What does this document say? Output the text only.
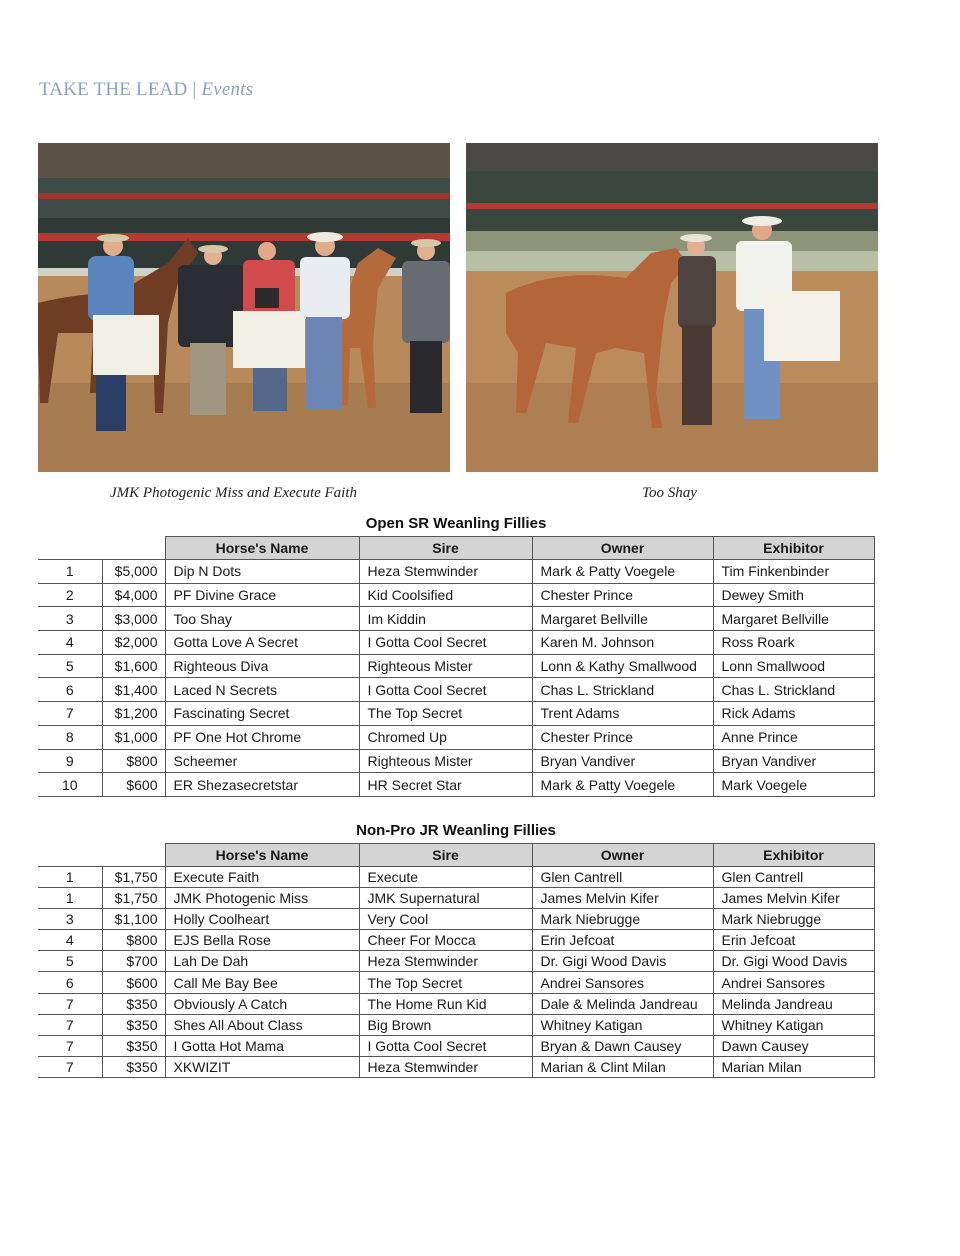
TAKE THE LEAD | Events
JMK Photogenic Miss and Execute Faith	Too Shay
Open SR Weanling Fillies
		Horse's Name	Sire	Owner	Exhibitor
1	$5,000	Dip N Dots	Heza Stemwinder	Mark & Patty Voegele	Tim Finkenbinder
2	$4,000	PF Divine Grace	Kid Coolsified	Chester Prince	Dewey Smith
3	$3,000	Too Shay	Im Kiddin	Margaret Bellville	Margaret Bellville
4	$2,000	Gotta Love A Secret	I Gotta Cool Secret	Karen M. Johnson	Ross Roark
5	$1,600	Righteous Diva	Righteous Mister	Lonn & Kathy Smallwood	Lonn Smallwood
6	$1,400	Laced N Secrets	I Gotta Cool Secret	Chas L. Strickland	Chas L. Strickland
7	$1,200	Fascinating Secret	The Top Secret	Trent Adams	Rick Adams
8	$1,000	PF One Hot Chrome	Chromed Up	Chester Prince	Anne Prince
9	$800	Scheemer	Righteous Mister	Bryan Vandiver	Bryan Vandiver
10	$600	ER Shezasecretstar	HR Secret Star	Mark & Patty Voegele	Mark Voegele
Non-Pro JR Weanling Fillies
		Horse's Name	Sire	Owner	Exhibitor
1	$1,750	Execute Faith	Execute	Glen Cantrell	Glen Cantrell
1	$1,750	JMK Photogenic Miss	JMK Supernatural	James Melvin Kifer	James Melvin Kifer
3	$1,100	Holly Coolheart	Very Cool	Mark Niebrugge	Mark Niebrugge
4	$800	EJS Bella Rose	Cheer For Mocca	Erin Jefcoat	Erin Jefcoat
5	$700	Lah De Dah	Heza Stemwinder	Dr. Gigi Wood Davis	Dr. Gigi Wood Davis
6	$600	Call Me Bay Bee	The Top Secret	Andrei Sansores	Andrei Sansores
7	$350	Obviously A Catch	The Home Run Kid	Dale & Melinda Jandreau	Melinda Jandreau
7	$350	Shes All About Class	Big Brown	Whitney Katigan	Whitney Katigan
7	$350	I Gotta Hot Mama	I Gotta Cool Secret	Bryan & Dawn Causey	Dawn Causey
7	$350	XKWIZIT	Heza Stemwinder	Marian & Clint Milan	Marian Milan
